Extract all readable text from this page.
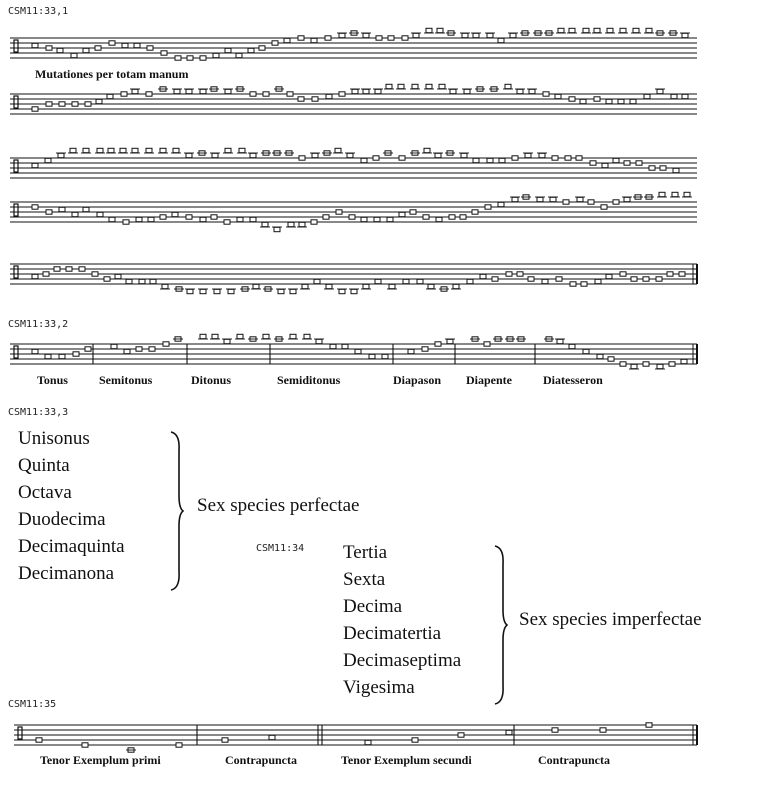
CSM11:33,1
Mutationes per totam manum
CSM11:33,2
Tonus	Semitonus	Ditonus	Semiditonus	Diapason Diapente	Diatesseron
CSM11:33,3
Unisonus
Quinta
Octava
Duodecima
Decimaquinta
Decimanona
Sex species perfectae
CSM11:34 Tertia
Sexta
Decima
Decimatertia
Decimaseptima
Vigesima
Sex species imperfectae
CSM11:35
Tenor Exemplum primi	Contrapuncta	Tenor Exemplum secundi	Contrapuncta
